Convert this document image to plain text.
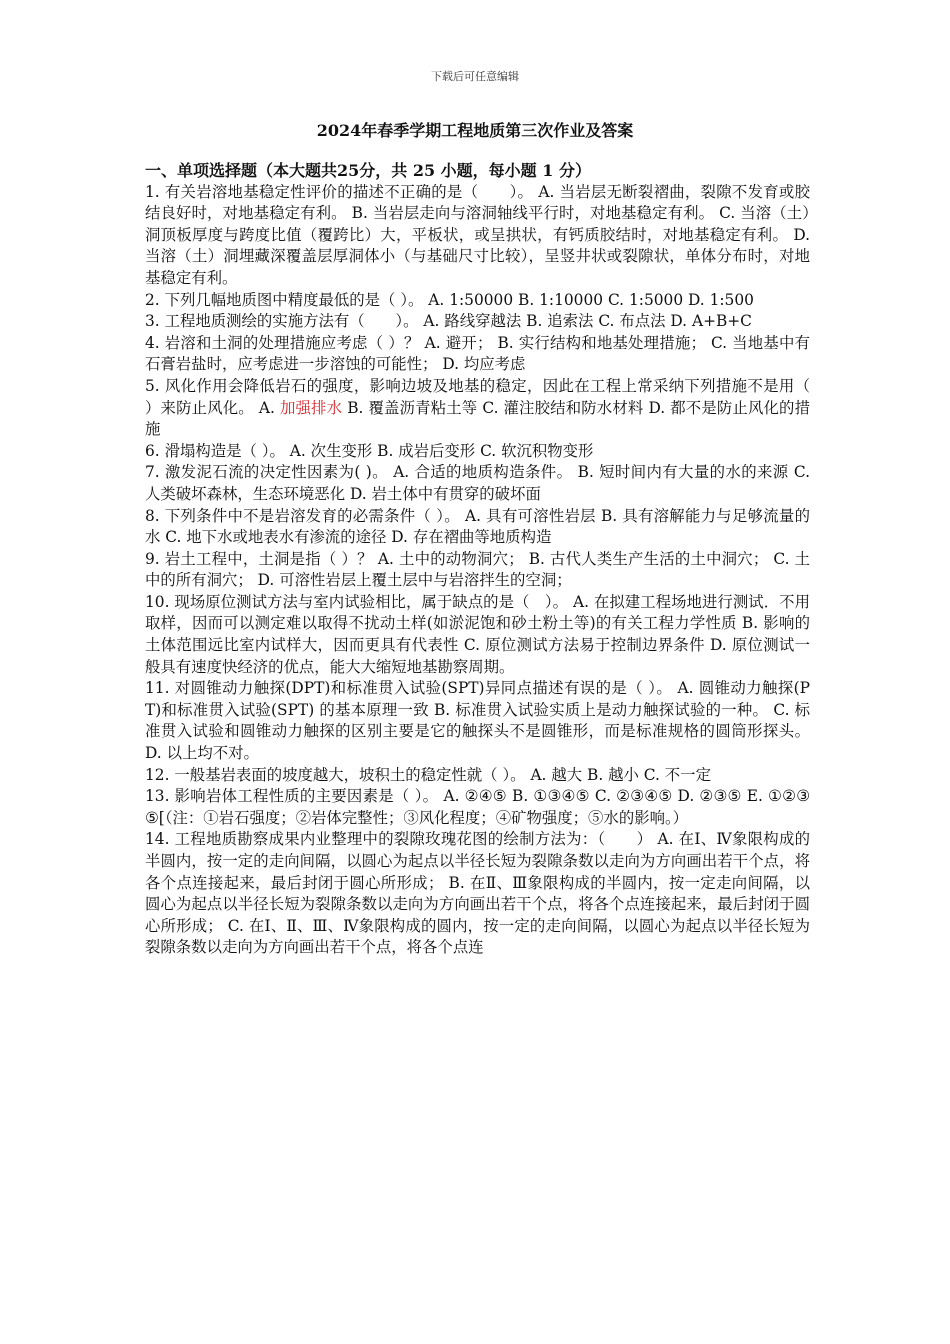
下载后可任意编辑
2024年春季学期工程地质第三次作业及答案

一、单项选择题（本大题共25分，共 25 小题，每小题 1 分）

1. 有关岩溶地基稳定性评价的描述不正确的是（　　）。 A. 当岩层无断裂褶曲，裂隙不发育或胶结良好时，对地基稳定有利。 B. 当岩层走向与溶洞轴线平行时，对地基稳定有利。 C. 当溶（土）洞顶板厚度与跨度比值（覆跨比）大，平板状，或呈拱状，有钙质胶结时，对地基稳定有利。 D. 当溶（土）洞埋藏深覆盖层厚洞体小（与基础尺寸比较），呈竖井状或裂隙状，单体分布时，对地基稳定有利。

2. 下列几幅地质图中精度最低的是（ ）。 A. 1:50000 B. 1:10000 C. 1:5000 D. 1:500

3. 工程地质测绘的实施方法有（　　）。 A. 路线穿越法 B. 追索法 C. 布点法 D. A+B+C

4. 岩溶和土洞的处理措施应考虑（ ）？ A. 避开； B. 实行结构和地基处理措施； C. 当地基中有石膏岩盐时，应考虑进一步溶蚀的可能性； D. 均应考虑

5. 风化作用会降低岩石的强度，影响边坡及地基的稳定，因此在工程上常采纳下列措施不是用（　　　）来防止风化。 A. 加强排水 B. 覆盖沥青粘土等 C. 灌注胶结和防水材料 D. 都不是防止风化的措施

6. 滑塌构造是（ ）。 A. 次生变形 B. 成岩后变形 C. 软沉积物变形

7. 激发泥石流的决定性因素为( )。 A. 合适的地质构造条件。 B. 短时间内有大量的水的来源 C. 人类破坏森林，生态环境恶化 D. 岩土体中有贯穿的破坏面

8. 下列条件中不是岩溶发育的必需条件（ ）。 A. 具有可溶性岩层 B. 具有溶解能力与足够流量的水 C. 地下水或地表水有渗流的途径 D. 存在褶曲等地质构造

9. 岩土工程中，土洞是指（ ）？ A. 土中的动物洞穴； B. 古代人类生产生活的土中洞穴； C. 土中的所有洞穴； D. 可溶性岩层上覆土层中与岩溶拌生的空洞；

10. 现场原位测试方法与室内试验相比，属于缺点的是（　）。 A. 在拟建工程场地进行测试．不用取样，因而可以测定难以取得不扰动土样(如淤泥饱和砂土粉土等)的有关工程力学性质 B. 影响的土体范围远比室内试样大，因而更具有代表性 C. 原位测试方法易于控制边界条件 D. 原位测试一般具有速度快经济的优点，能大大缩短地基勘察周期。

11. 对圆锥动力触探(DPT)和标准贯入试验(SPT)异同点描述有误的是（ ）。 A. 圆锥动力触探(PT)和标准贯入试验(SPT) 的基本原理一致 B. 标准贯入试验实质上是动力触探试验的一种。 C. 标准贯入试验和圆锥动力触探的区别主要是它的触探头不是圆锥形，而是标准规格的圆筒形探头。 D. 以上均不对。

12. 一般基岩表面的坡度越大，坡积土的稳定性就（ ）。 A. 越大 B. 越小 C. 不一定

13. 影响岩体工程性质的主要因素是（ ）。 A. ②④⑤ B. ①③④⑤ C. ②③④⑤ D. ②③⑤ E. ①②③⑤[（注：①岩石强度；②岩体完整性；③风化程度；④矿物强度；⑤水的影响。）

14. 工程地质勘察成果内业整理中的裂隙玫瑰花图的绘制方法为：（　　） A. 在Ⅰ、Ⅳ象限构成的半圆内，按一定的走向间隔，以圆心为起点以半径长短为裂隙条数以走向为方向画出若干个点，将各个点连接起来，最后封闭于圆心所形成； B. 在Ⅱ、Ⅲ象限构成的半圆内，按一定走向间隔，以圆心为起点以半径长短为裂隙条数以走向为方向画出若干个点，将各个点连接起来，最后封闭于圆心所形成； C. 在Ⅰ、Ⅱ、Ⅲ、Ⅳ象限构成的圆内，按一定的走向间隔，以圆心为起点以半径长短为裂隙条数以走向为方向画出若干个点，将各个点连
